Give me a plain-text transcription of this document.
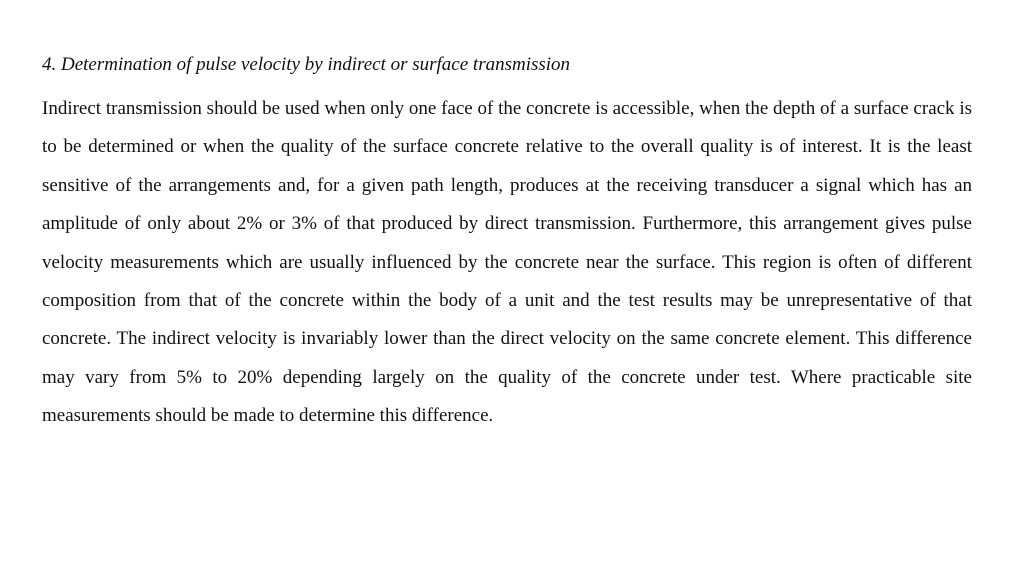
4. Determination of pulse velocity by indirect or surface transmission

Indirect transmission should be used when only one face of the concrete is accessible, when the depth of a surface crack is to be determined or when the quality of the surface concrete relative to the overall quality is of interest. It is the least sensitive of the arrangements and, for a given path length, produces at the receiving transducer a signal which has an amplitude of only about 2% or 3% of that produced by direct transmission. Furthermore, this arrangement gives pulse velocity measurements which are usually influenced by the concrete near the surface. This region is often of different composition from that of the concrete within the body of a unit and the test results may be unrepresentative of that concrete. The indirect velocity is invariably lower than the direct velocity on the same concrete element. This difference may vary from 5% to 20% depending largely on the quality of the concrete under test. Where practicable site measurements should be made to determine this difference.
